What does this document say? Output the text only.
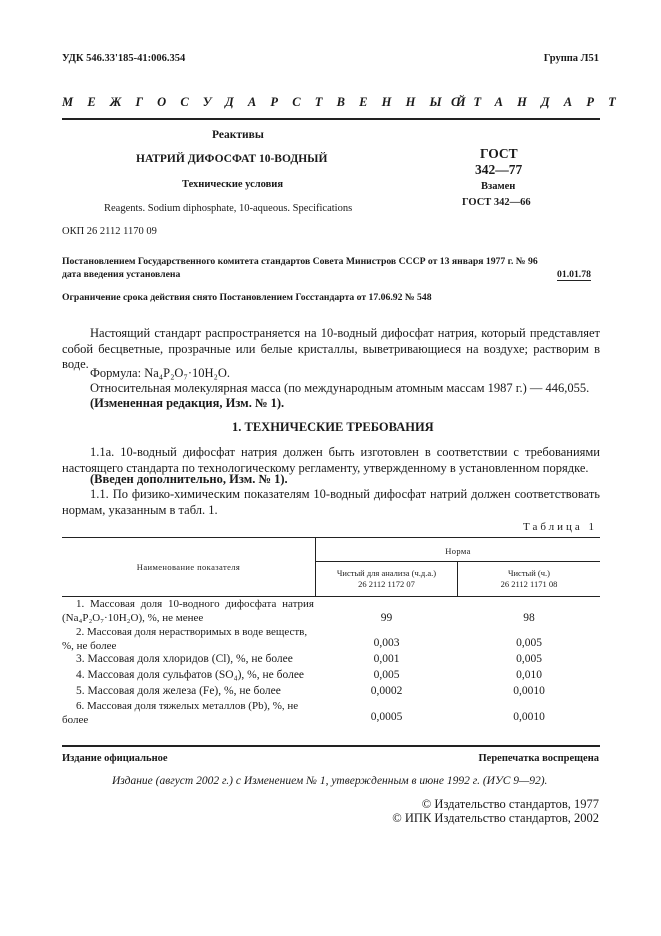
УДК 546.33'185-41:006.354	Группа Л51
МЕЖГОСУДАРСТВЕННЫЙ
СТАНДАРТ
Реактивы
НАТРИЙ ДИФОСФАТ 10-ВОДНЫЙ
Технические условия
Reagents. Sodium diphosphate, 10-aqueous. Specifications
ГОСТ
342—77
Взамен
ГОСТ 342—66
ОКП 26 2112 1170 09
Постановлением Государственного комитета стандартов Совета Министров СССР от 13 января 1977 г. № 96
дата введения установлена	01.01.78
Ограничение срока действия снято Постановлением Госстандарта от 17.06.92 № 548
Настоящий стандарт распространяется на 10-водный дифосфат натрия, который представляет собой бесцветные, прозрачные или белые кристаллы, выветривающиеся на воздухе; растворим в воде.
Формула: Na₄P₂O₇·10H₂O.
Относительная молекулярная масса (по международным атомным массам 1987 г.) — 446,055.
(Измененная редакция, Изм. № 1).
1. ТЕХНИЧЕСКИЕ ТРЕБОВАНИЯ
1.1а. 10-водный дифосфат натрия должен быть изготовлен в соответствии с требованиями настоящего стандарта по технологическому регламенту, утвержденному в установленном порядке.
(Введен дополнительно, Изм. № 1).
1.1. По физико-химическим показателям 10-водный дифосфат натрий должен соответствовать нормам, указанным в табл. 1.
Таблица 1
Наименование показателя
Норма
Чистый для анализа (ч.д.а.)
26 2112 1172 07
Чистый (ч.)
26 2112 1171 08
1. Массовая доля 10-водного дифосфата натрия (Na₄P₂O₇·10H₂O), %, не менее	99	98
2. Массовая доля нерастворимых в воде веществ, %, не более	0,003	0,005
3. Массовая доля хлоридов (Cl), %, не более	0,001	0,005
4. Массовая доля сульфатов (SO₄), %, не более	0,005	0,010
5. Массовая доля железа (Fe), %, не более	0,0002	0,0010
6. Массовая доля тяжелых металлов (Pb), %, не более	0,0005	0,0010
Издание официальное	Перепечатка воспрещена
Издание (август 2002 г.) с Изменением № 1, утвержденным в июне 1992 г. (ИУС 9—92).
© Издательство стандартов, 1977
© ИПК Издательство стандартов, 2002
